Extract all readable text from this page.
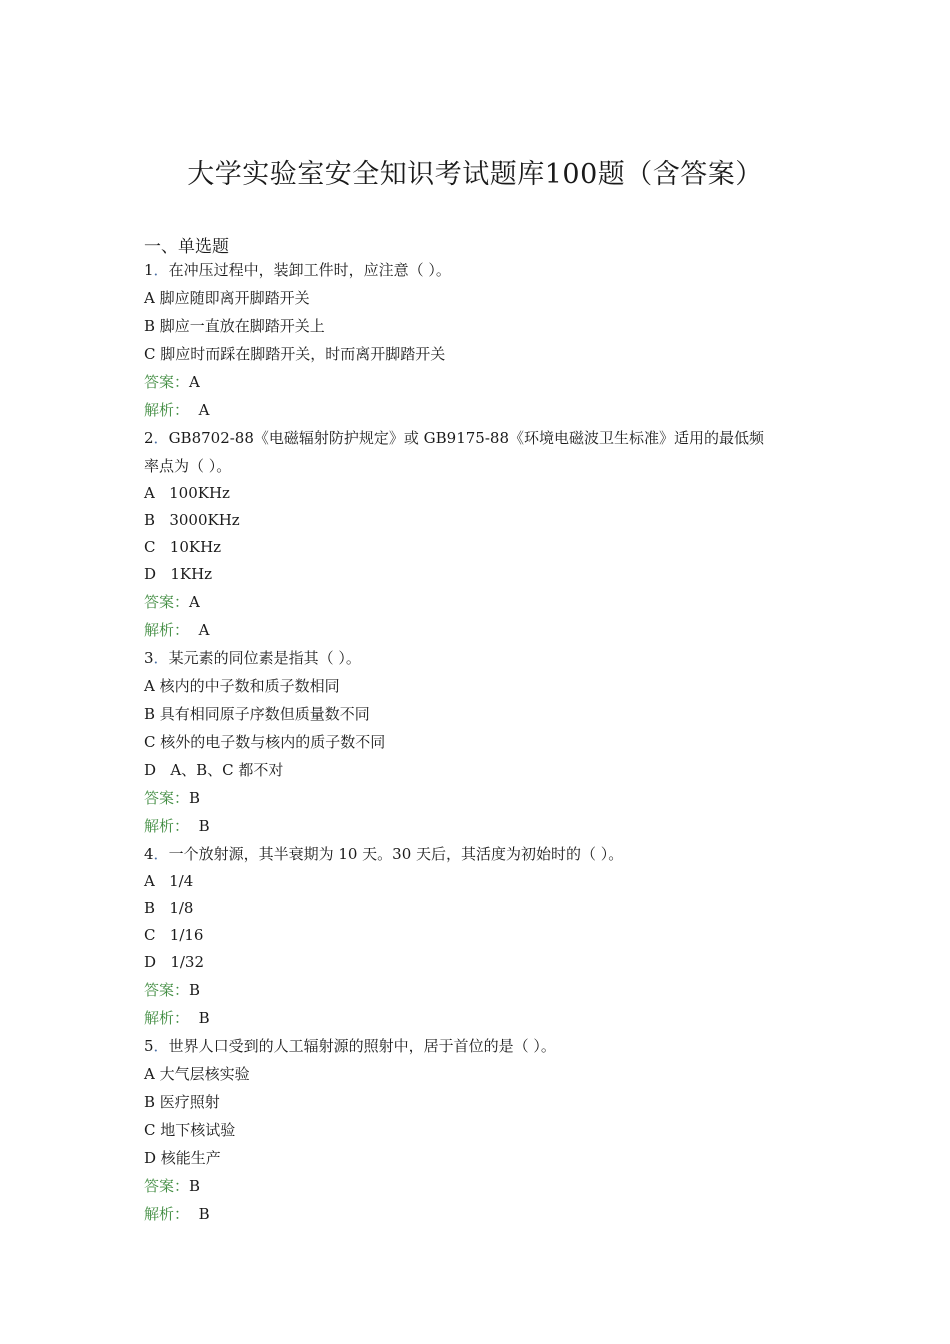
大学实验室安全知识考试题库100题（含答案）
一、单选题
1．在冲压过程中，装卸工件时，应注意（ ）。
A 脚应随即离开脚踏开关
B 脚应一直放在脚踏开关上
C 脚应时而踩在脚踏开关，时而离开脚踏开关
答案：A
解析： A
2．GB8702-88《电磁辐射防护规定》或 GB9175-88《环境电磁波卫生标准》适用的最低频
率点为（ ）。
A   100KHz
B   3000KHz
C   10KHz
D   1KHz
答案：A
解析： A
3．某元素的同位素是指其（ ）。
A 核内的中子数和质子数相同
B 具有相同原子序数但质量数不同
C 核外的电子数与核内的质子数不同
D   A、B、C 都不对
答案：B
解析： B
4．一个放射源，其半衰期为 10 天。30 天后，其活度为初始时的（ ）。
A   1/4
B   1/8
C   1/16
D   1/32
答案：B
解析： B
5．世界人口受到的人工辐射源的照射中，居于首位的是（ ）。
A 大气层核实验
B 医疗照射
C 地下核试验
D 核能生产
答案：B
解析： B
